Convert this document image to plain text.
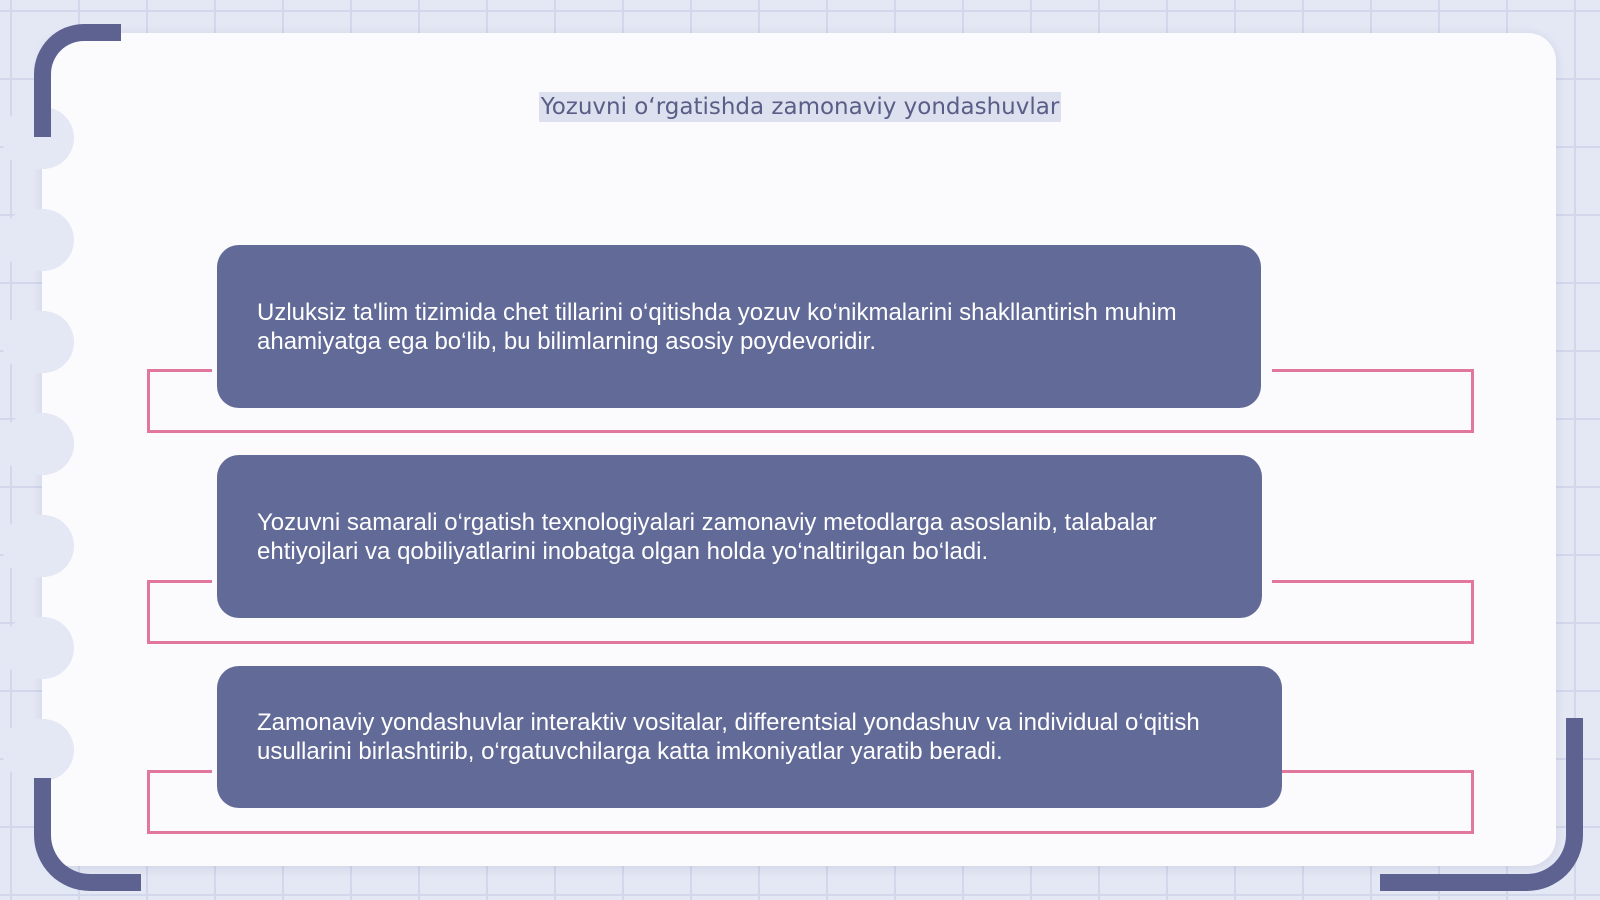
Yozuvni o‘rgatishda zamonaviy yondashuvlar
Uzluksiz ta'lim tizimida chet tillarini o‘qitishda yozuv ko‘nikmalarini shakllantirish muhim ahamiyatga ega bo‘lib, bu bilimlarning asosiy poydevoridir.
Yozuvni samarali o‘rgatish texnologiyalari zamonaviy metodlarga asoslanib, talabalar ehtiyojlari va qobiliyatlarini inobatga olgan holda yo‘naltirilgan bo‘ladi.
Zamonaviy yondashuvlar interaktiv vositalar, differentsial yondashuv va individual o‘qitish usullarini birlashtirib, o‘rgatuvchilarga katta imkoniyatlar yaratib beradi.
